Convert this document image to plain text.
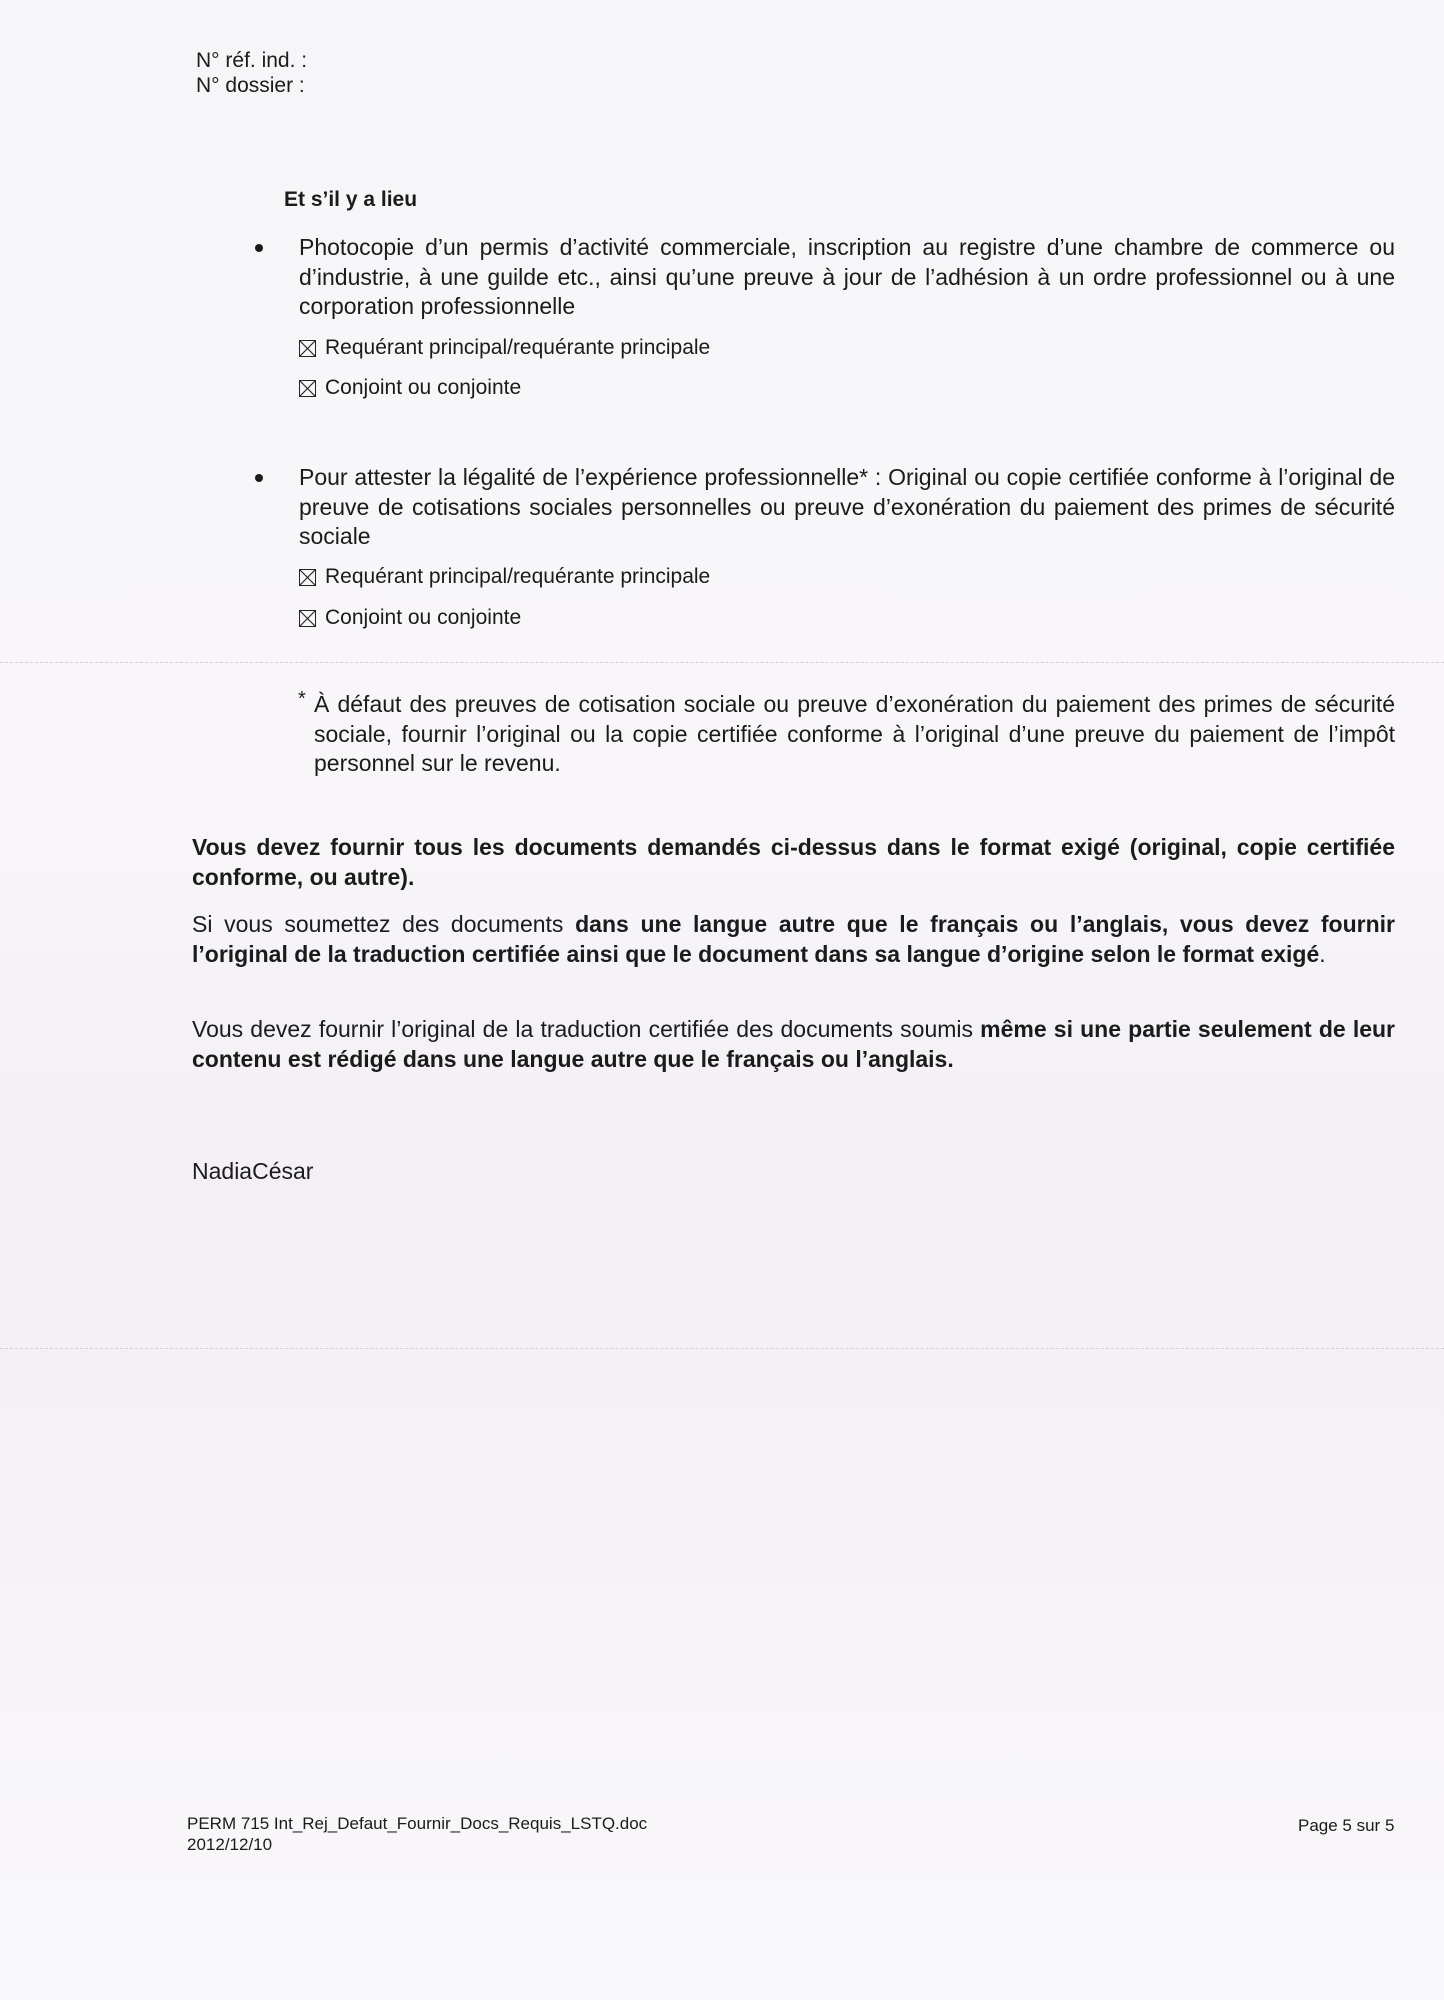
N° réf. ind. :
N° dossier :
Et s’il y a lieu
Photocopie d’un permis d’activité commerciale, inscription au registre d’une chambre de commerce ou d’industrie, à une guilde etc., ainsi qu’une preuve à jour de l’adhésion à un ordre professionnel ou à une corporation professionnelle
Requérant principal/requérante principale
Conjoint ou conjointe
Pour attester la légalité de l’expérience professionnelle* : Original ou copie certifiée conforme à l’original de preuve de cotisations sociales personnelles ou preuve d’exonération du paiement des primes de sécurité sociale
Requérant principal/requérante principale
Conjoint ou conjointe
* À défaut des preuves de cotisation sociale ou preuve d’exonération du paiement des primes de sécurité sociale, fournir l’original ou la copie certifiée conforme à l’original d’une preuve du paiement de l’impôt personnel sur le revenu.
Vous devez fournir tous les documents demandés ci-dessus dans le format exigé (original, copie certifiée conforme, ou autre).
Si vous soumettez des documents dans une langue autre que le français ou l’anglais, vous devez fournir l’original de la traduction certifiée ainsi que le document dans sa langue d’origine selon le format exigé.
Vous devez fournir l’original de la traduction certifiée des documents soumis même si une partie seulement de leur contenu est rédigé dans une langue autre que le français ou l’anglais.
NadiaCésar
PERM 715 Int_Rej_Defaut_Fournir_Docs_Requis_LSTQ.doc
2012/12/10
Page 5 sur 5
